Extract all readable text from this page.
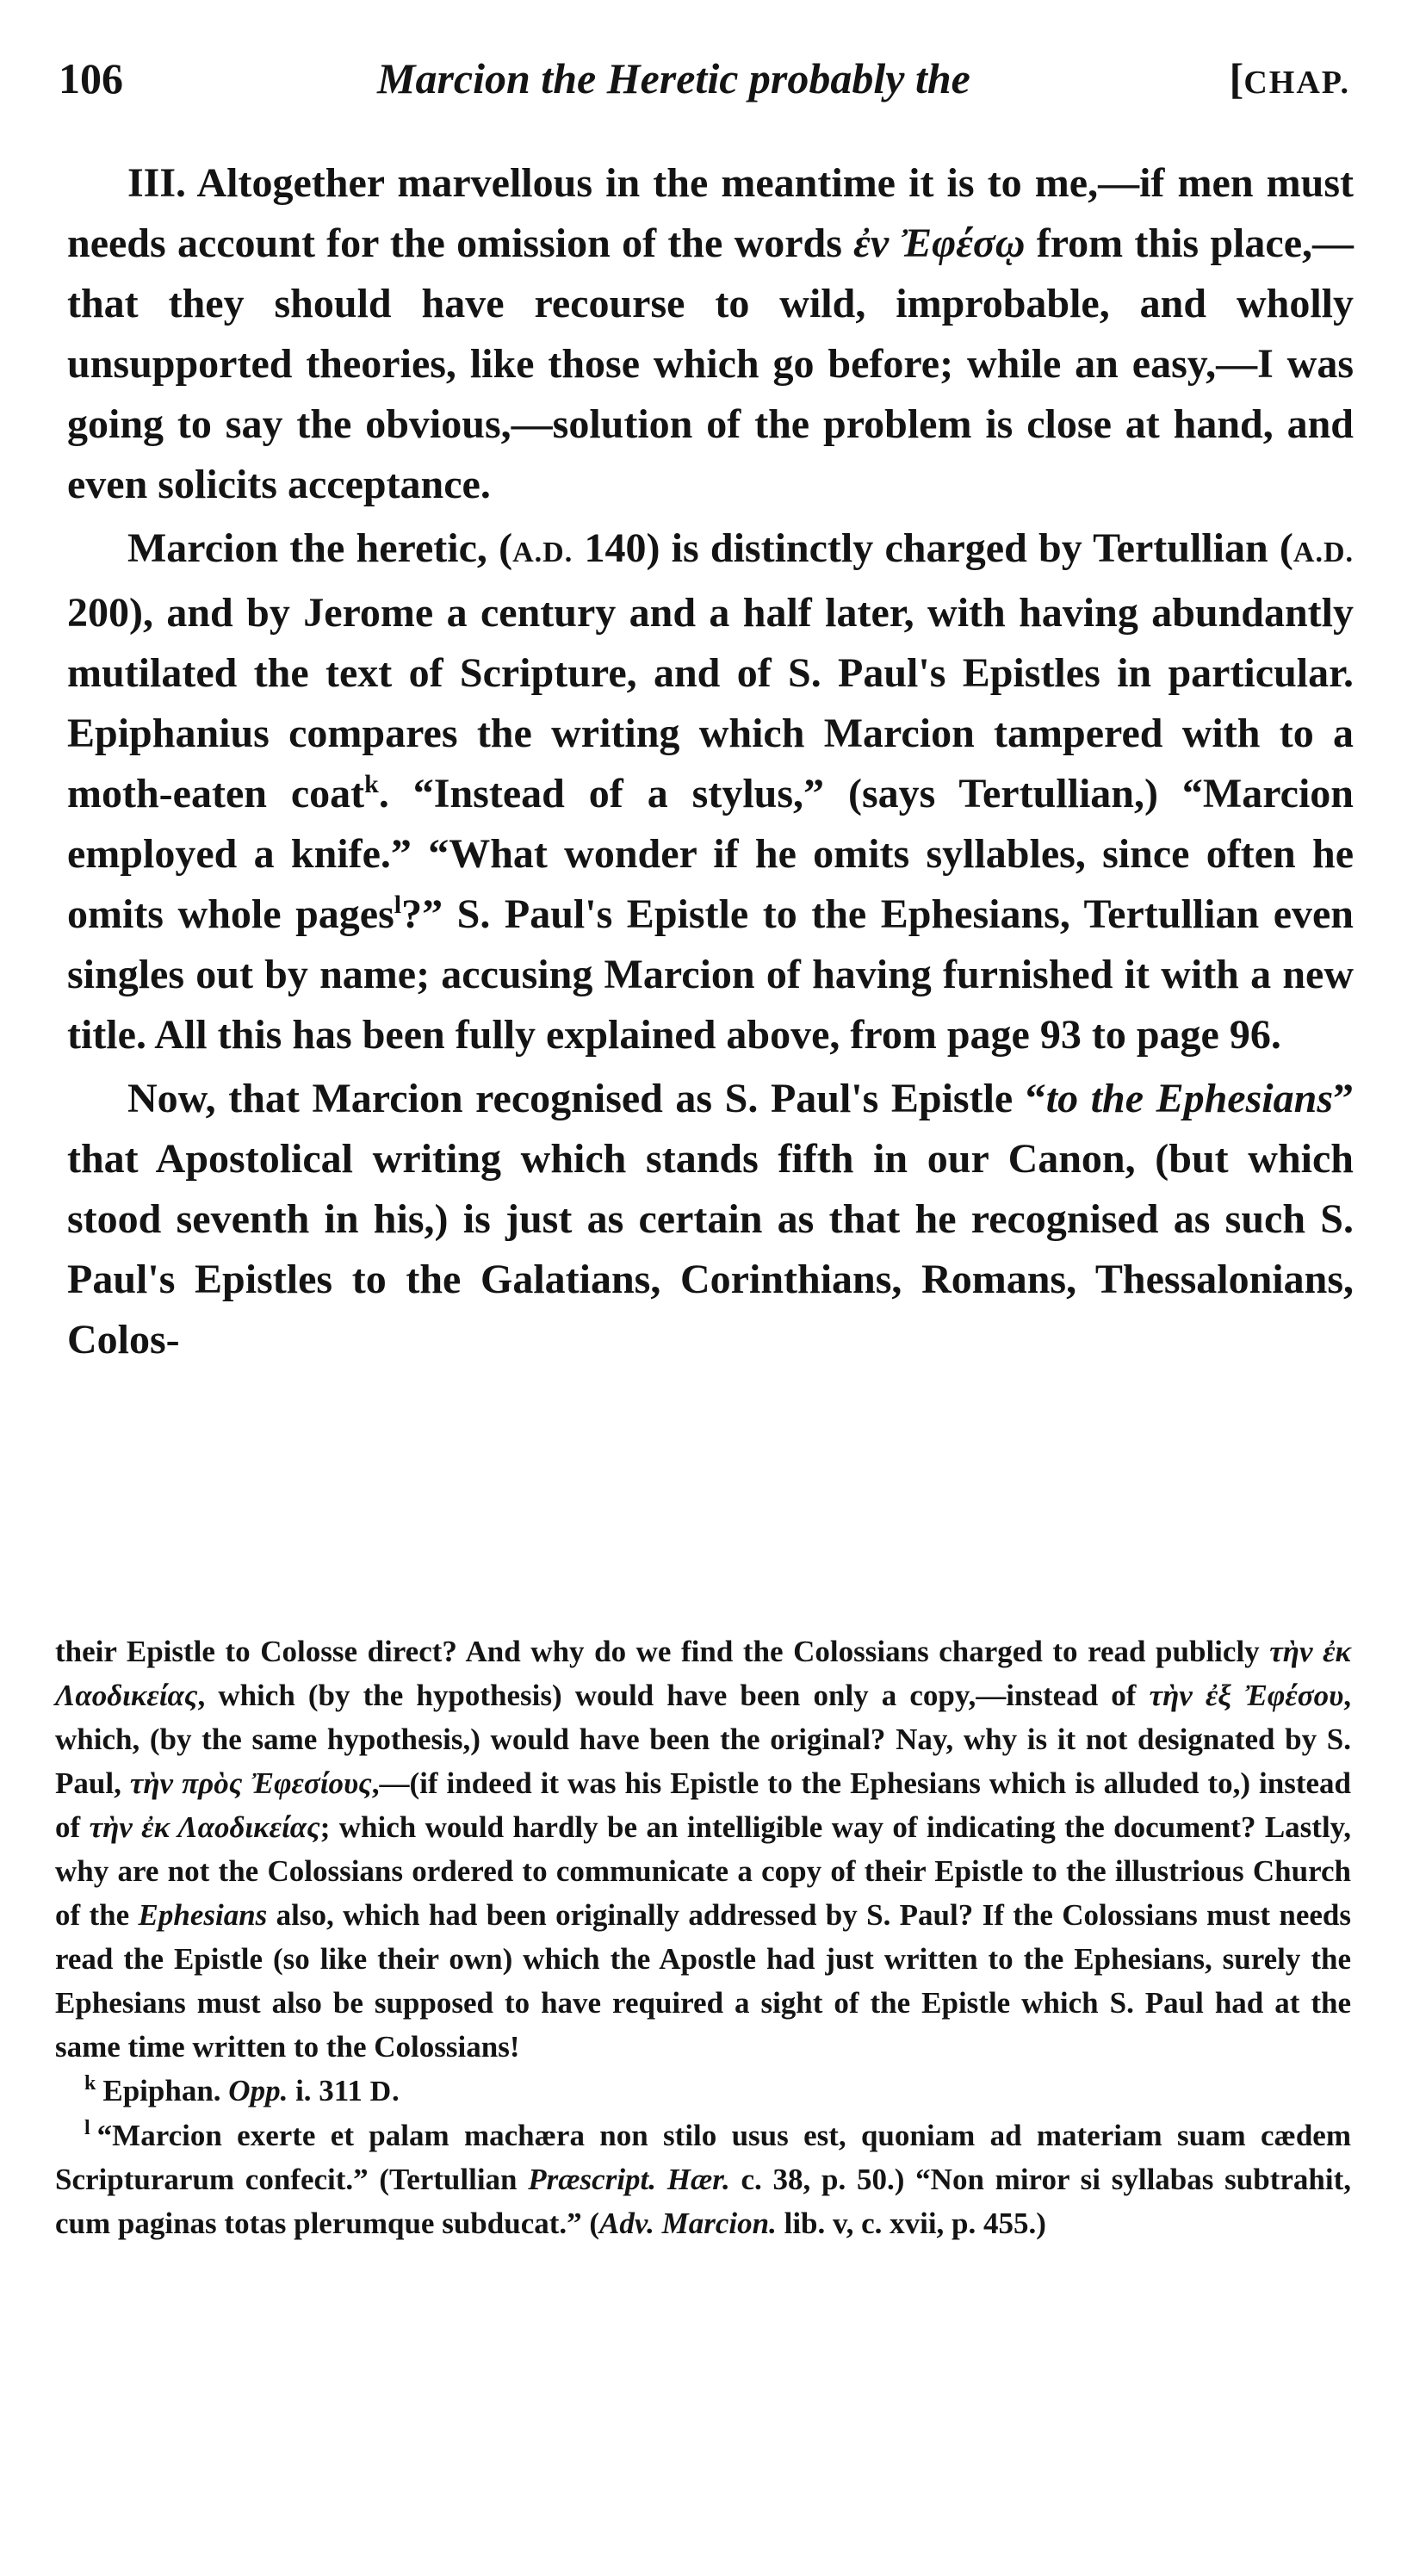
106	Marcion the Heretic probably the	[CHAP.

III. Altogether marvellous in the meantime it is to me,—if men must needs account for the omission of the words ἐν Ἐφέσῳ from this place,—that they should have recourse to wild, improbable, and wholly unsupported theories, like those which go before; while an easy,—I was going to say the obvious,—solution of the problem is close at hand, and even solicits acceptance.

Marcion the heretic, (A.D. 140) is distinctly charged by Tertullian (A.D. 200), and by Jerome a century and a half later, with having abundantly mutilated the text of Scripture, and of S. Paul's Epistles in particular. Epiphanius compares the writing which Marcion tampered with to a moth-eaten coat$^k$. “Instead of a stylus,” (says Tertullian,) “Marcion employed a knife.” “What wonder if he omits syllables, since often he omits whole pages$^l$?” S. Paul's Epistle to the Ephesians, Tertullian even singles out by name; accusing Marcion of having furnished it with a new title. All this has been fully explained above, from page 93 to page 96.

Now, that Marcion recognised as S. Paul's Epistle “to the Ephesians” that Apostolical writing which stands fifth in our Canon, (but which stood seventh in his,) is just as certain as that he recognised as such S. Paul's Epistles to the Galatians, Corinthians, Romans, Thessalonians, Colos-

their Epistle to Colosse direct? And why do we find the Colossians charged to read publicly τὴν ἐκ Λαοδικείας, which (by the hypothesis) would have been only a copy,—instead of τὴν ἐξ Ἐφέσου, which, (by the same hypothesis,) would have been the original? Nay, why is it not designated by S. Paul, τὴν πρὸς Ἐφεσίους,—(if indeed it was his Epistle to the Ephesians which is alluded to,) instead of τὴν ἐκ Λαοδικείας; which would hardly be an intelligible way of indicating the document? Lastly, why are not the Colossians ordered to communicate a copy of their Epistle to the illustrious Church of the Ephesians also, which had been originally addressed by S. Paul? If the Colossians must needs read the Epistle (so like their own) which the Apostle had just written to the Ephesians, surely the Ephesians must also be supposed to have required a sight of the Epistle which S. Paul had at the same time written to the Colossians!

$^k$ Epiphan. Opp. i. 311 D.

$^l$ “Marcion exerte et palam machæra non stilo usus est, quoniam ad materiam suam cædem Scripturarum confecit.” (Tertullian Præscript. Hær. c. 38, p. 50.) “Non miror si syllabas subtrahit, cum paginas totas plerumque subducat.” (Adv. Marcion. lib. v, c. xvii, p. 455.)
